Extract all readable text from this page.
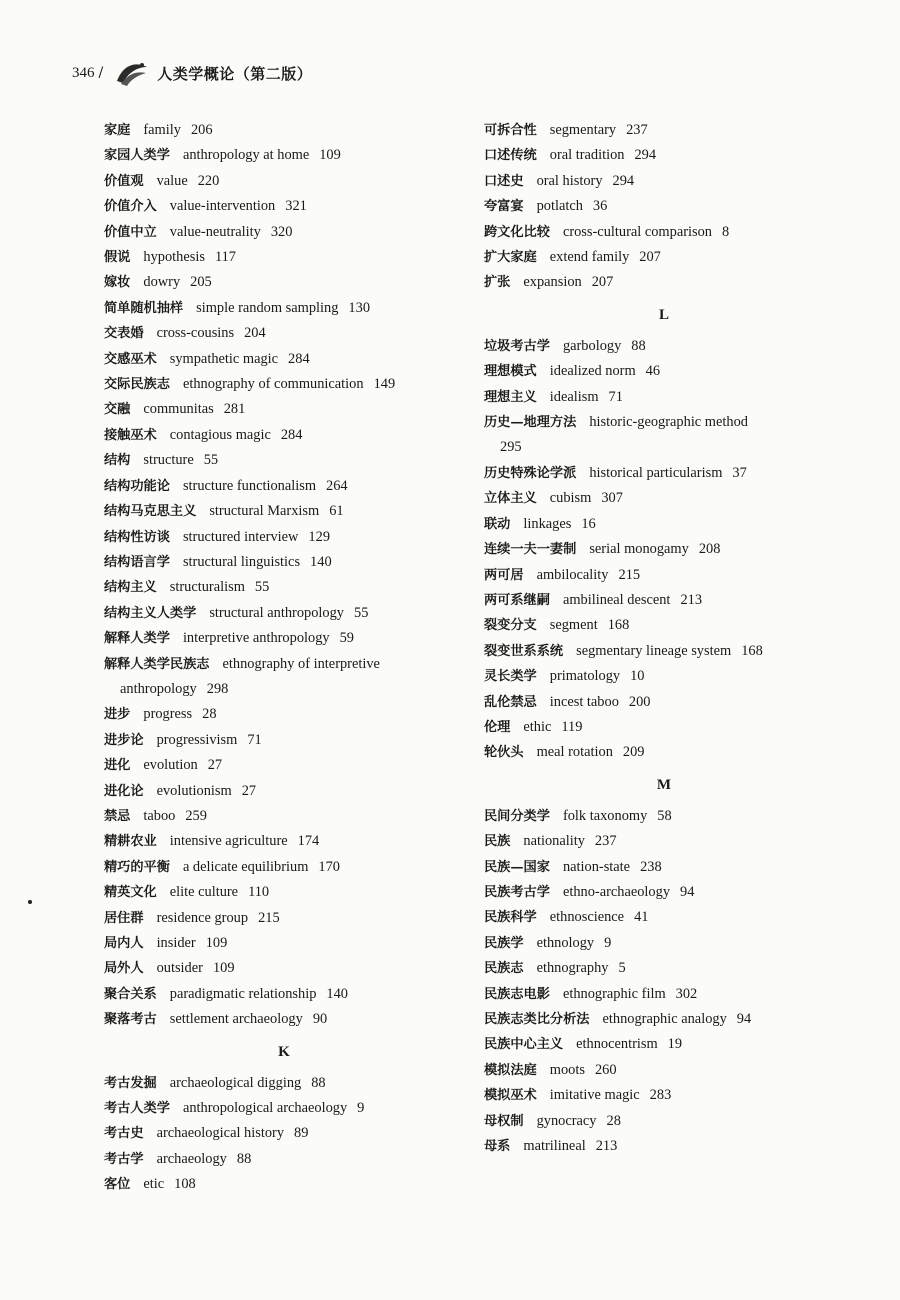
346 /	人类学概论（第二版）
家庭 family 206
家园人类学 anthropology at home 109
价值观 value 220
价值介入 value-intervention 321
价值中立 value-neutrality 320
假说 hypothesis 117
嫁妆 dowry 205
简单随机抽样 simple random sampling 130
交表婚 cross-cousins 204
交感巫术 sympathetic magic 284
交际民族志 ethnography of communication 149
交融 communitas 281
接触巫术 contagious magic 284
结构 structure 55
结构功能论 structure functionalism 264
结构马克思主义 structural Marxism 61
结构性访谈 structured interview 129
结构语言学 structural linguistics 140
结构主义 structuralism 55
结构主义人类学 structural anthropology 55
解释人类学 interpretive anthropology 59
解释人类学民族志 ethnography of interpretive
anthropology 298
进步 progress 28
进步论 progressivism 71
进化 evolution 27
进化论 evolutionism 27
禁忌 taboo 259
精耕农业 intensive agriculture 174
精巧的平衡 a delicate equilibrium 170
精英文化 elite culture 110
居住群 residence group 215
局内人 insider 109
局外人 outsider 109
聚合关系 paradigmatic relationship 140
聚落考古 settlement archaeology 90
K
考古发掘 archaeological digging 88
考古人类学 anthropological archaeology 9
考古史 archaeological history 89
考古学 archaeology 88
客位 etic 108
可拆合性 segmentary 237
口述传统 oral tradition 294
口述史 oral history 294
夸富宴 potlatch 36
跨文化比较 cross-cultural comparison 8
扩大家庭 extend family 207
扩张 expansion 207
L
垃圾考古学 garbology 88
理想模式 idealized norm 46
理想主义 idealism 71
历史—地理方法 historic-geographic method
295
历史特殊论学派 historical particularism 37
立体主义 cubism 307
联动 linkages 16
连续一夫一妻制 serial monogamy 208
两可居 ambilocality 215
两可系继嗣 ambilineal descent 213
裂变分支 segment 168
裂变世系系统 segmentary lineage system 168
灵长类学 primatology 10
乱伦禁忌 incest taboo 200
伦理 ethic 119
轮伙头 meal rotation 209
M
民间分类学 folk taxonomy 58
民族 nationality 237
民族—国家 nation-state 238
民族考古学 ethno-archaeology 94
民族科学 ethnoscience 41
民族学 ethnology 9
民族志 ethnography 5
民族志电影 ethnographic film 302
民族志类比分析法 ethnographic analogy 94
民族中心主义 ethnocentrism 19
模拟法庭 moots 260
模拟巫术 imitative magic 283
母权制 gynocracy 28
母系 matrilineal 213
